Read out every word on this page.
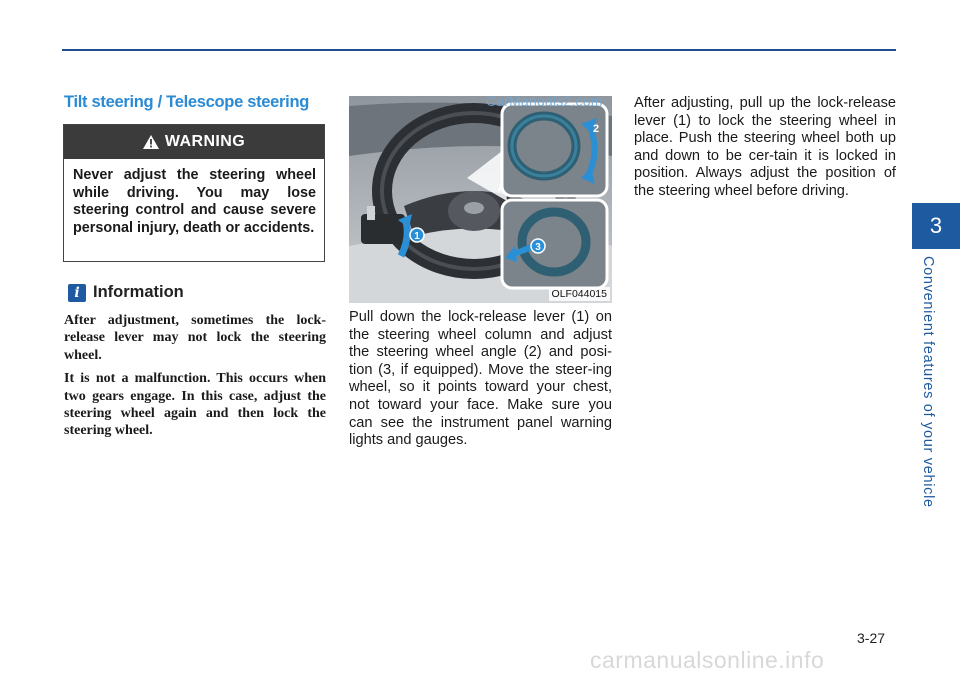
Tilt steering / Telescope steering
WARNING
Never adjust the steering wheel while driving. You may lose steering control and cause severe personal injury, death or accidents.
i Information

After adjustment, sometimes the lock-release lever may not lock the steering wheel.

It is not a malfunction. This occurs when two gears engage. In this case, adjust the steering wheel again and then lock the steering wheel.

1
2
3
OLF044015
CarManuals2.com
Pull down the lock-release lever (1) on the steering wheel column and adjust the steering wheel angle (2) and posi-tion (3, if equipped). Move the steer-ing wheel, so it points toward your chest, not toward your face. Make sure you can see the instrument panel warning lights and gauges.
After adjusting, pull up the lock-release lever (1) to lock the steering wheel in place. Push the steering wheel both up and down to be cer-tain it is locked in position. Always adjust the position of the steering wheel before driving.
3
Convenient features of your vehicle
3-27
carmanualsonline.info
